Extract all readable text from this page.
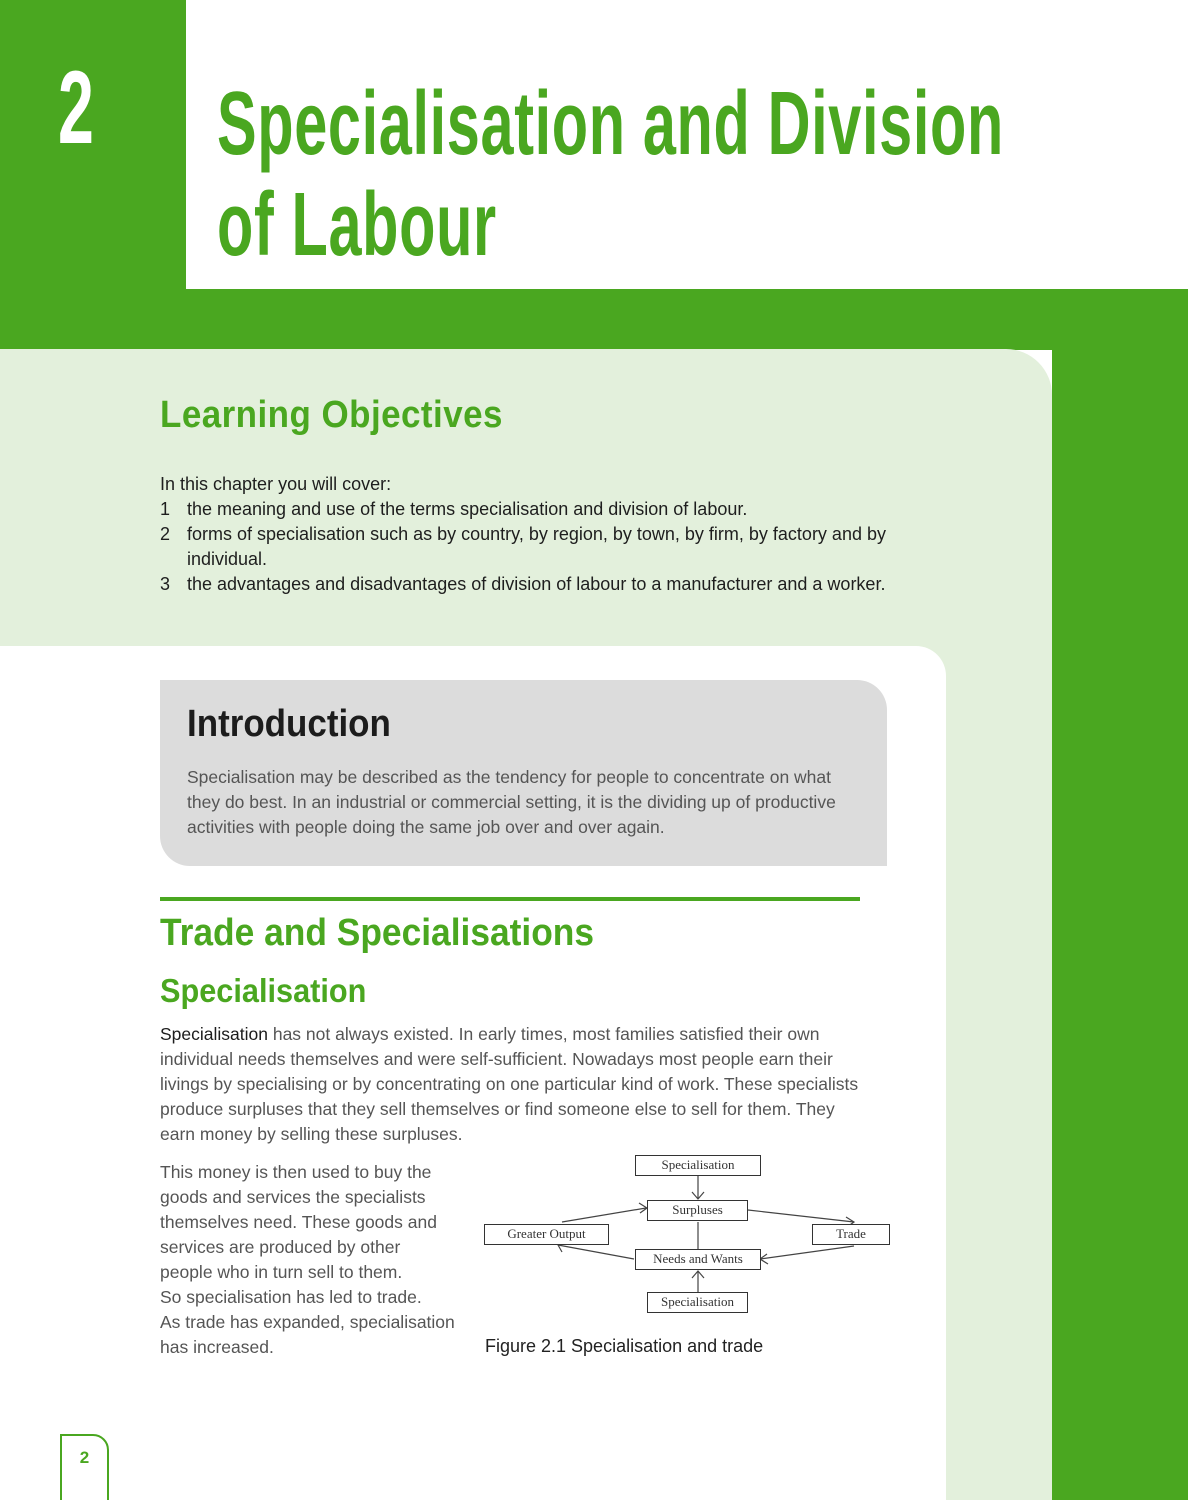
2 Specialisation and Division
of Labour
Learning Objectives
In this chapter you will cover:
1 the meaning and use of the terms specialisation and division of labour.
2 forms of specialisation such as by country, by region, by town, by firm, by factory and by individual.
3 the advantages and disadvantages of division of labour to a manufacturer and a worker.
Introduction

Specialisation may be described as the tendency for people to concentrate on what they do best. In an industrial or commercial setting, it is the dividing up of productive activities with people doing the same job over and over again.

Trade and Specialisations
Specialisation

Specialisation has not always existed. In early times, most families satisfied their own individual needs themselves and were self-sufficient. Nowadays most people earn their livings by specialising or by concentrating on one particular kind of work. These specialists produce surpluses that they sell themselves or find someone else to sell for them. They earn money by selling these surpluses.

This money is then used to buy the
goods and services the specialists
themselves need. These goods and
services are produced by other
people who in turn sell to them.
So specialisation has led to trade.
As trade has expanded, specialisation
has increased.

Specialisation
Surpluses
Greater Output	Trade
Needs and Wants
Specialisation
Figure 2.1 Specialisation and trade
2
